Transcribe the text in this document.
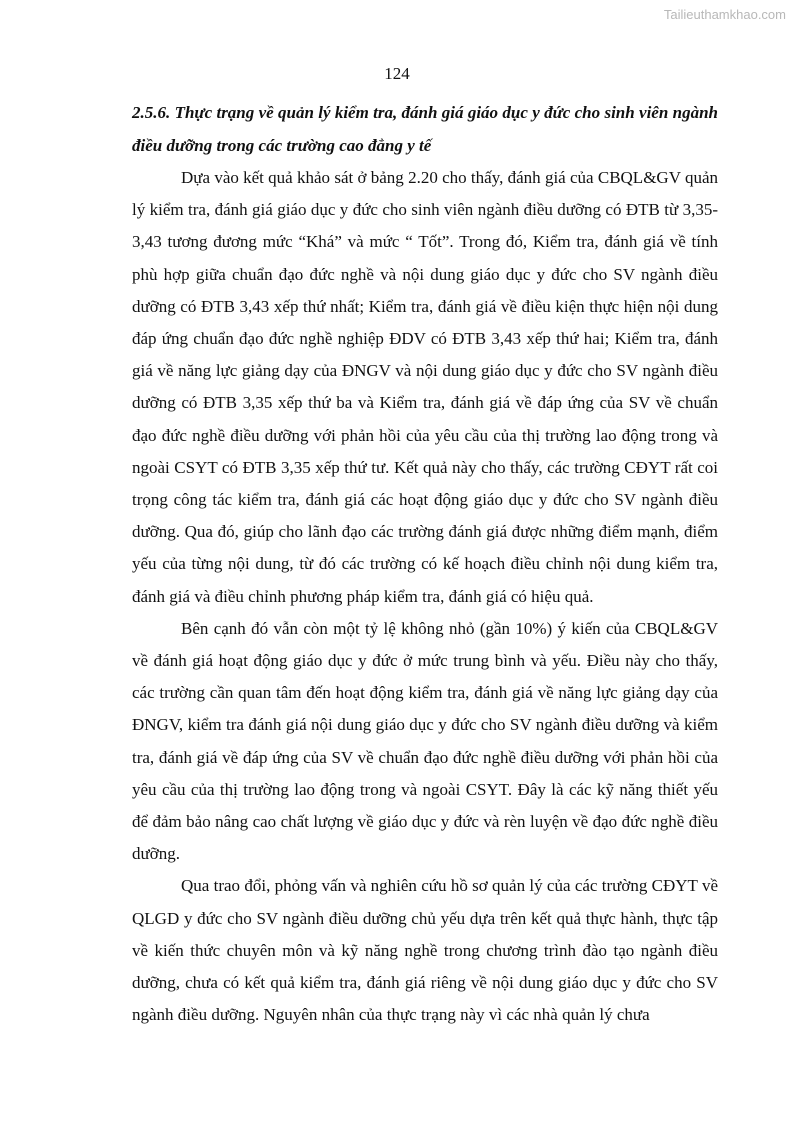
Tailieuthamkhao.com
124

2.5.6. Thực trạng về quản lý kiểm tra, đánh giá giáo dục y đức cho sinh viên ngành điều dưỡng trong các trường cao đẳng y tế

Dựa vào kết quả khảo sát ở bảng 2.20 cho thấy, đánh giá của CBQL&GV quản lý kiểm tra, đánh giá giáo dục y đức cho sinh viên ngành điều dưỡng có ĐTB từ 3,35- 3,43 tương đương mức “Khá” và mức “ Tốt”. Trong đó, Kiểm tra, đánh giá về tính phù hợp giữa chuẩn đạo đức nghề và nội dung giáo dục y đức cho SV ngành điều dưỡng có ĐTB 3,43 xếp thứ nhất; Kiểm tra, đánh giá về điều kiện thực hiện nội dung đáp ứng chuẩn đạo đức nghề nghiệp ĐDV có ĐTB 3,43 xếp thứ hai; Kiểm tra, đánh giá về năng lực giảng dạy của ĐNGV và nội dung giáo dục y đức cho SV ngành điều dưỡng có ĐTB 3,35 xếp thứ ba và Kiểm tra, đánh giá về đáp ứng của SV về chuẩn đạo đức nghề điều dưỡng với phản hồi của yêu cầu của thị trường lao động trong và ngoài CSYT có ĐTB 3,35 xếp thứ tư. Kết quả này cho thấy, các trường CĐYT rất coi trọng công tác kiểm tra, đánh giá các hoạt động giáo dục y đức cho SV ngành điều dưỡng. Qua đó, giúp cho lãnh đạo các trường đánh giá được những điểm mạnh, điểm yếu của từng nội dung, từ đó các trường có kế hoạch điều chỉnh nội dung kiểm tra, đánh giá và điều chỉnh phương pháp kiểm tra, đánh giá có hiệu quả.

Bên cạnh đó vẫn còn một tỷ lệ không nhỏ (gần 10%) ý kiến của CBQL&GV về đánh giá hoạt động giáo dục y đức ở mức trung bình và yếu. Điều này cho thấy, các trường cần quan tâm đến hoạt động kiểm tra, đánh giá về năng lực giảng dạy của ĐNGV, kiểm tra đánh giá nội dung giáo dục y đức cho SV ngành điều dưỡng và kiểm tra, đánh giá về đáp ứng của SV về chuẩn đạo đức nghề điều dưỡng với phản hồi của yêu cầu của thị trường lao động trong và ngoài CSYT. Đây là các kỹ năng thiết yếu để đảm bảo nâng cao chất lượng về giáo dục y đức và rèn luyện về đạo đức nghề điều dưỡng.

Qua trao đổi, phỏng vấn và nghiên cứu hồ sơ quản lý của các trường CĐYT về QLGD y đức cho SV ngành điều dưỡng chủ yếu dựa trên kết quả thực hành, thực tập về kiến thức chuyên môn và kỹ năng nghề trong chương trình đào tạo ngành điều dưỡng, chưa có kết quả kiểm tra, đánh giá riêng về nội dung giáo dục y đức cho SV ngành điều dưỡng. Nguyên nhân của thực trạng này vì các nhà quản lý chưa
